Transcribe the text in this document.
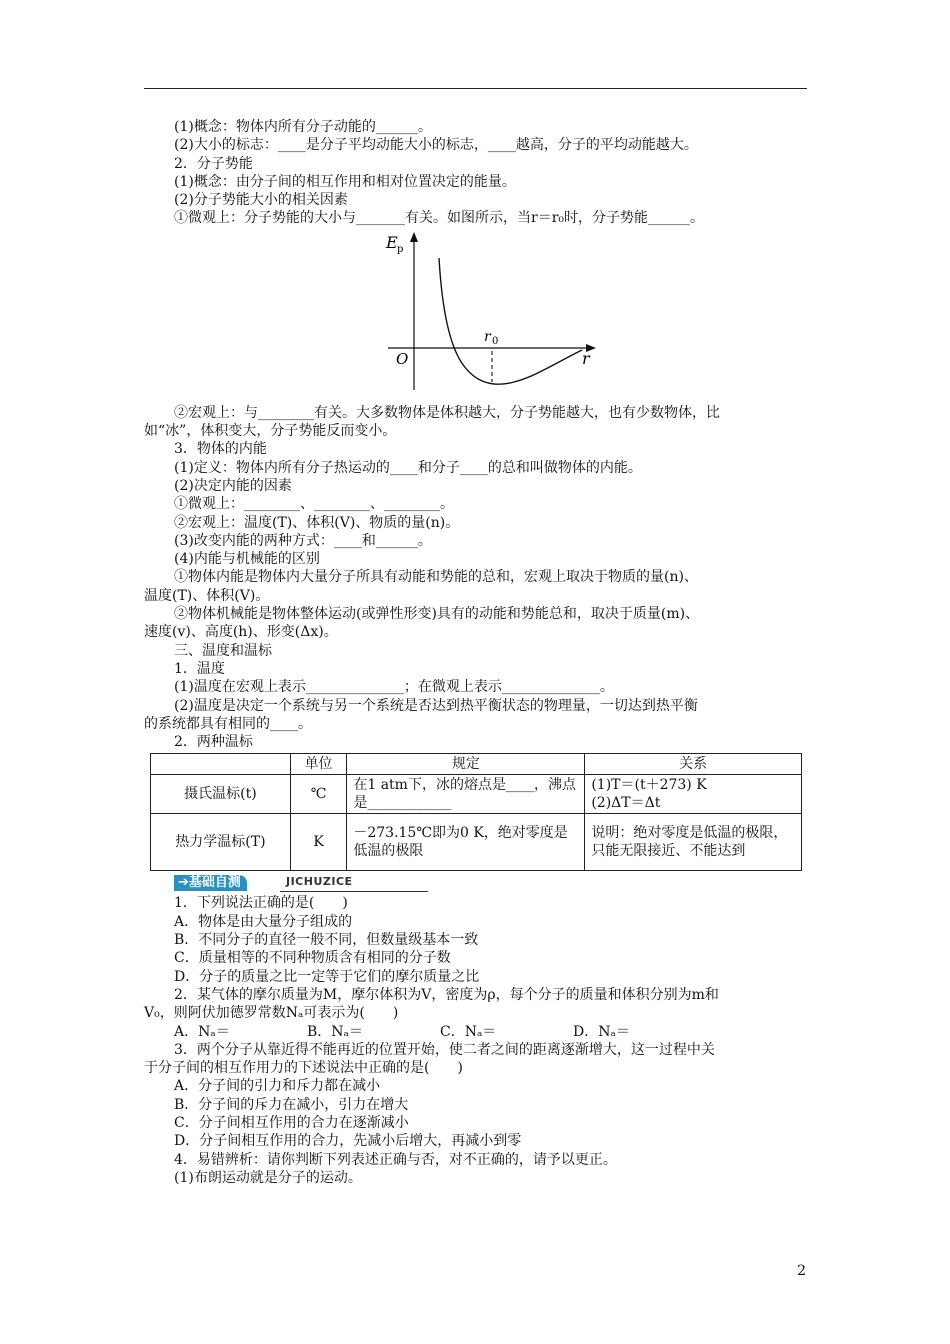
(1)概念：物体内所有分子动能的______。
(2)大小的标志：____是分子平均动能大小的标志，____越高，分子的平均动能越大。
2．分子势能
(1)概念：由分子间的相互作用和相对位置决定的能量。
(2)分子势能大小的相关因素
①微观上：分子势能的大小与_______有关。如图所示，当r＝r₀时，分子势能______。
E p
r
r 0
O
②宏观上：与________有关。大多数物体是体积越大，分子势能越大，也有少数物体，比
如“冰”，体积变大，分子势能反而变小。
3．物体的内能
(1)定义：物体内所有分子热运动的____和分子____的总和叫做物体的内能。
(2)决定内能的因素
①微观上：________、________、________。
②宏观上：温度(T)、体积(V)、物质的量(n)。
(3)改变内能的两种方式：____和______。
(4)内能与机械能的区别
①物体内能是物体内大量分子所具有动能和势能的总和，宏观上取决于物质的量(n)、
温度(T)、体积(V)。
②物体机械能是物体整体运动(或弹性形变)具有的动能和势能总和，取决于质量(m)、
速度(v)、高度(h)、形变(Δx)。
三、温度和温标
1．温度
(1)温度在宏观上表示______________；在微观上表示______________。
(2)温度是决定一个系统与另一个系统是否达到热平衡状态的物理量，一切达到热平衡
的系统都具有相同的____。
2．两种温标
	单位	规定	关系
摄氏温标(t)	℃	在1 atm下，冰的熔点是____，沸点是____________	(1)T＝(t＋273) K
(2)ΔT＝Δt

热力学温标(T)	K	－273.15℃即为0 K，绝对零度是低温的极限	说明：绝对零度是低温的极限，只能无限接近、不能达到
➔基础自测	JICHUZICE
1．下列说法正确的是(　　)
A．物体是由大量分子组成的
B．不同分子的直径一般不同，但数量级基本一致
C．质量相等的不同种物质含有相同的分子数
D．分子的质量之比一定等于它们的摩尔质量之比
2．某气体的摩尔质量为M，摩尔体积为V，密度为ρ，每个分子的质量和体积分别为m和
V₀，则阿伏加德罗常数Nₐ可表示为(　　)
A．Nₐ＝	B．Nₐ＝	C．Nₐ＝	D．Nₐ＝
3．两个分子从靠近得不能再近的位置开始，使二者之间的距离逐渐增大，这一过程中关
于分子间的相互作用力的下述说法中正确的是(　　)
A．分子间的引力和斥力都在减小
B．分子间的斥力在减小，引力在增大
C．分子间相互作用的合力在逐渐减小
D．分子间相互作用的合力，先减小后增大，再减小到零
4．易错辨析：请你判断下列表述正确与否，对不正确的，请予以更正。
(1)布朗运动就是分子的运动。
2
